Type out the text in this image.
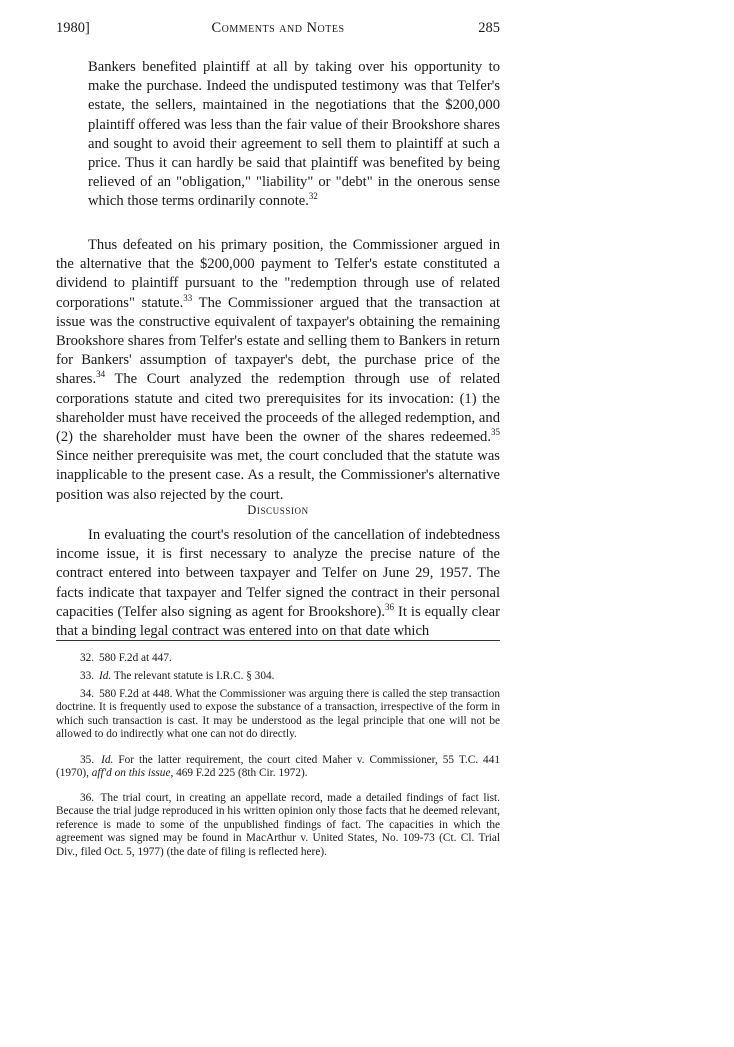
1980]	Comments and Notes	285

Bankers benefited plaintiff at all by taking over his opportunity to make the purchase. Indeed the undisputed testimony was that Telfer's estate, the sellers, maintained in the negotiations that the $200,000 plaintiff offered was less than the fair value of their Brookshore shares and sought to avoid their agreement to sell them to plaintiff at such a price. Thus it can hardly be said that plaintiff was benefited by being relieved of an "obligation," "liability" or "debt" in the onerous sense which those terms ordinarily connote.$^{32}$

Thus defeated on his primary position, the Commissioner argued in the alternative that the $200,000 payment to Telfer's estate constituted a dividend to plaintiff pursuant to the "redemption through use of related corporations" statute.$^{33}$ The Commissioner argued that the transaction at issue was the constructive equivalent of taxpayer's obtaining the remaining Brookshore shares from Telfer's estate and selling them to Bankers in return for Bankers' assumption of taxpayer's debt, the purchase price of the shares.$^{34}$ The Court analyzed the redemption through use of related corporations statute and cited two prerequisites for its invocation: (1) the shareholder must have received the proceeds of the alleged redemption, and (2) the shareholder must have been the owner of the shares redeemed.$^{35}$ Since neither prerequisite was met, the court concluded that the statute was inapplicable to the present case. As a result, the Commissioner's alternative position was also rejected by the court.

Discussion

In evaluating the court's resolution of the cancellation of indebtedness income issue, it is first necessary to analyze the precise nature of the contract entered into between taxpayer and Telfer on June 29, 1957. The facts indicate that taxpayer and Telfer signed the contract in their personal capacities (Telfer also signing as agent for Brookshore).$^{36}$ It is equally clear that a binding legal contract was entered into on that date which

32. 580 F.2d at 447.

33. Id. The relevant statute is I.R.C. § 304.

34. 580 F.2d at 448. What the Commissioner was arguing there is called the step transaction doctrine. It is frequently used to expose the substance of a transaction, irrespective of the form in which such transaction is cast. It may be understood as the legal principle that one will not be allowed to do indirectly what one can not do directly.

35. Id. For the latter requirement, the court cited Maher v. Commissioner, 55 T.C. 441 (1970), aff'd on this issue, 469 F.2d 225 (8th Cir. 1972).

36. The trial court, in creating an appellate record, made a detailed findings of fact list. Because the trial judge reproduced in his written opinion only those facts that he deemed relevant, reference is made to some of the unpublished findings of fact. The capacities in which the agreement was signed may be found in MacArthur v. United States, No. 109-73 (Ct. Cl. Trial Div., filed Oct. 5, 1977) (the date of filing is reflected here).
